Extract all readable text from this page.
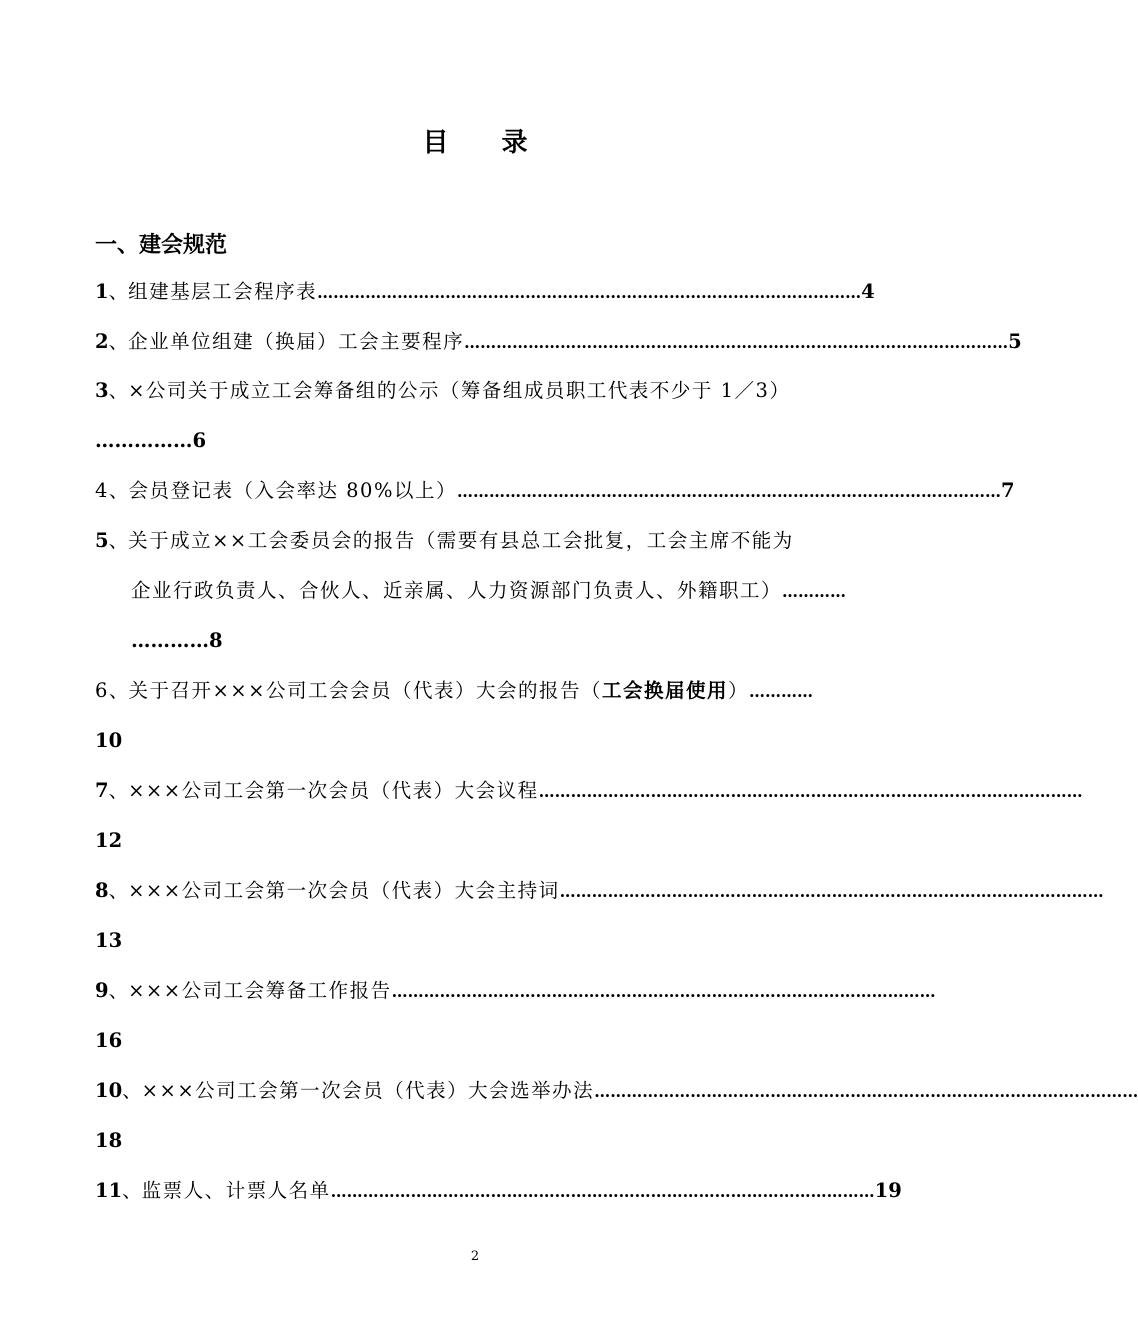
目 录
一、建会规范
1 、 组建基层工会程序表 ………………………………………………………………………………………… 4
2 、 企业单位组建（换届）工会主要程序 ………………………………………………………………………………………… 5
3、×公司关于成立工会筹备组的公示（筹备组成员职工代表不少于 1／3）
……………6
4 、 会员登记表（入会率达 80%以上） ………………………………………………………………………………………… 7
5、关于成立××工会委员会的报告（需要有县总工会批复，工会主席不能为
企业行政负责人、合伙人、近亲属、人力资源部门负责人、外籍职工） …………
…………8
6 、 关于召开×××公司工会会员（代表）大会的报告（ 工会换届使用 ） …………
10
7 、 ×××公司工会第一次会员（代表）大会议程 …………………………………………………………………………………………
12
8 、 ×××公司工会第一次会员（代表）大会主持词 …………………………………………………………………………………………
13
9 、 ×××公司工会筹备工作报告 …………………………………………………………………………………………
16
10 、 ×××公司工会第一次会员（代表）大会选举办法 …………………………………………………………………………………………
18
11 、 监票人、计票人名单 ………………………………………………………………………………………… 19
2
